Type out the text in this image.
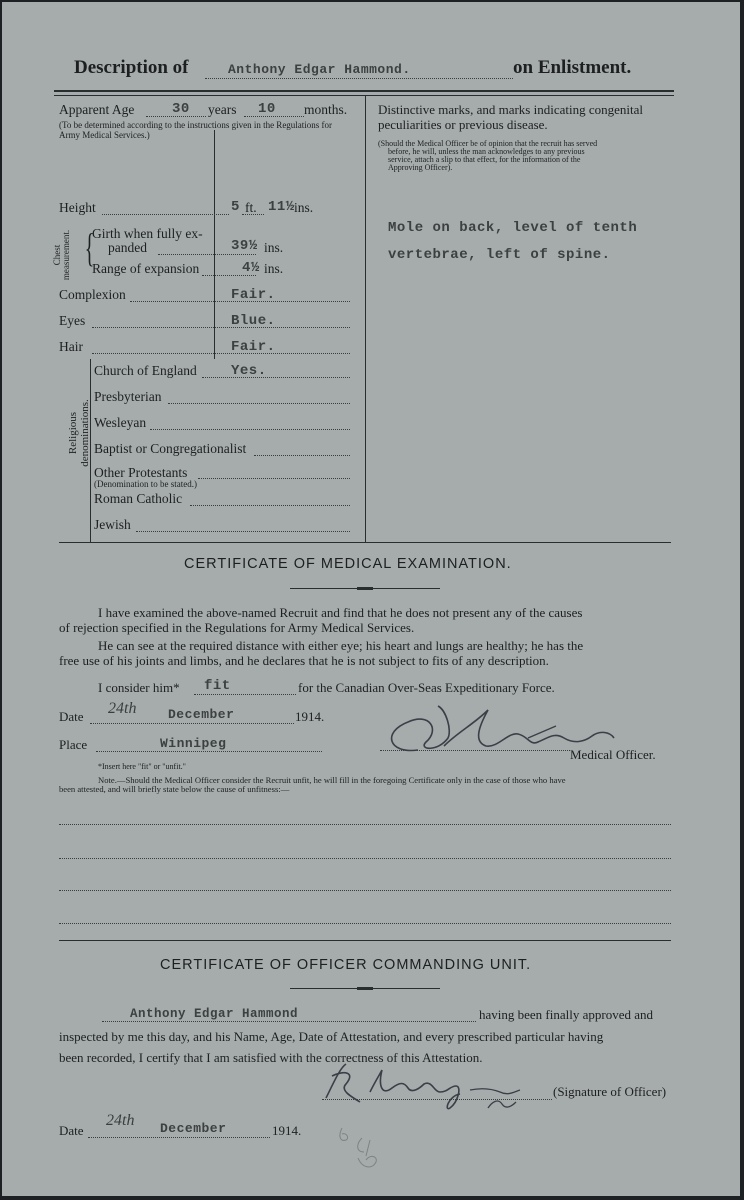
Description of	Anthony Edgar Hammond.	on Enlistment.
Apparent Age	30 years 10 months.
(To be determined according to the instructions given in the Regulations for Army Medical Services.)
Height	5 ft. 11½ ins.
Chest measurement. {
Girth when fully ex-
panded	39½ ins.
Range of expansion	4½ ins.
Complexion	Fair.
Eyes	Blue.
Hair	Fair.
Religious denominations.
Church of England Yes.
Presbyterian
Wesleyan
Baptist or Congregationalist
Other Protestants
(Denomination to be stated.)
Roman Catholic
Jewish
Distinctive marks, and marks indicating congenital
peculiarities or previous disease.
(Should the Medical Officer be of opinion that the recruit has served
before, he will, unless the man acknowledges to any previous
service, attach a slip to that effect, for the information of the
Approving Officer).
Mole on back, level of tenth
vertebrae, left of spine.
CERTIFICATE OF MEDICAL EXAMINATION.
I have examined the above-named Recruit and find that he does not present any of the causes
of rejection specified in the Regulations for Army Medical Services.
He can see at the required distance with either eye; his heart and lungs are healthy; he has the
free use of his joints and limbs, and he declares that he is not subject to fits of any description.
I consider him* fit	for the Canadian Over-Seas Expeditionary Force.
Date 24th December	1914.
Place	Winnipeg
Medical Officer.
*Insert here "fit" or "unfit."
Note.—Should the Medical Officer consider the Recruit unfit, he will fill in the foregoing Certificate only in the case of those who have
been attested, and will briefly state below the cause of unfitness:—
CERTIFICATE OF OFFICER COMMANDING UNIT.
Anthony Edgar Hammond	having been finally approved and
inspected by me this day, and his Name, Age, Date of Attestation, and every prescribed particular having
been recorded, I certify that I am satisfied with the correctness of this Attestation.
(Signature of Officer)
Date
24th December	1914.
